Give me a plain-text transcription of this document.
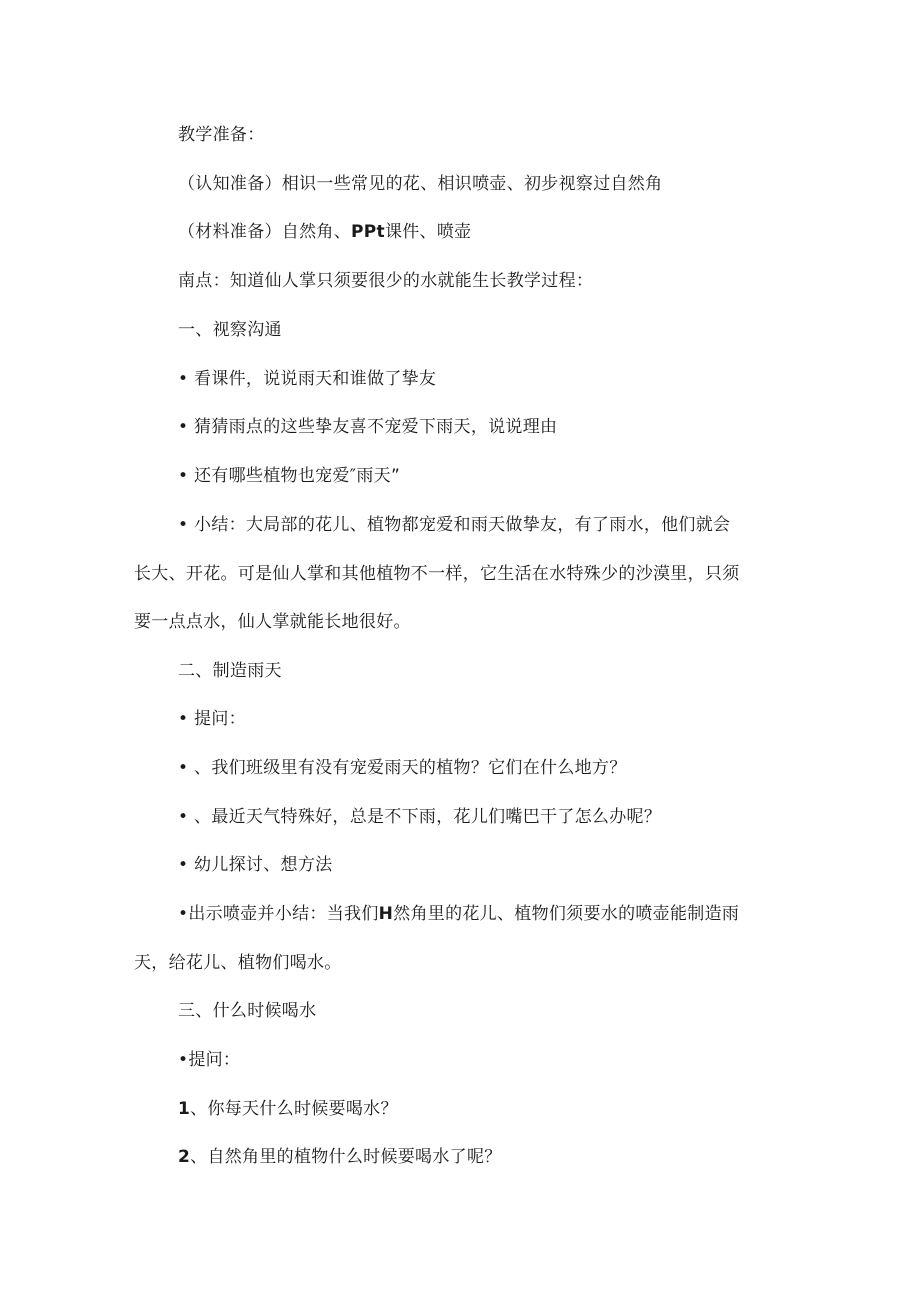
教学准备：
（认知准备）相识一些常见的花、相识喷壶、初步视察过自然角
（材料准备）自然角、PPt课件、喷壶
南点：知道仙人掌只须要很少的水就能生长教学过程：
一、视察沟通
• 看课件，说说雨天和谁做了挚友
• 猜猜雨点的这些挚友喜不宠爱下雨天，说说理由
• 还有哪些植物也宠爱″雨天”
• 小结：大局部的花儿、植物都宠爱和雨天做挚友，有了雨水，他们就会
长大、开花。可是仙人掌和其他植物不一样，它生活在水特殊少的沙漠里，只须
要一点点水，仙人掌就能长地很好。
二、制造雨天
• 提问：
• 、我们班级里有没有宠爱雨天的植物？它们在什么地方？
• 、最近天气特殊好，总是不下雨，花儿们嘴巴干了怎么办呢？
• 幼儿探讨、想方法
•出示喷壶并小结：当我们H然角里的花儿、植物们须要水的喷壶能制造雨
天，给花儿、植物们喝水。
三、什么时候喝水
•提问：
1、你每天什么时候要喝水？
2、自然角里的植物什么时候要喝水了呢？
